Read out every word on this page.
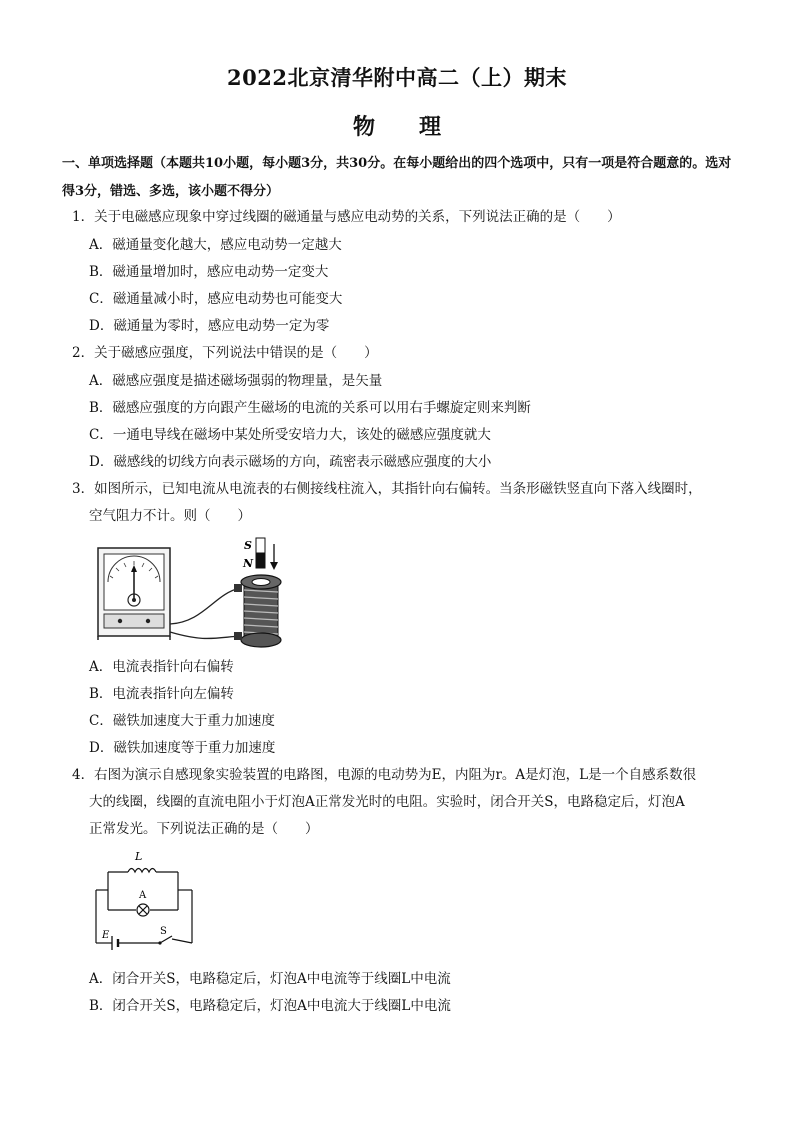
2022北京清华附中高二（上）期末
物　　理
一、单项选择题（本题共10小题，每小题3分，共30分。在每小题给出的四个选项中，只有一项是符合题意的。选对得3分，错选、多选，该小题不得分）
1．关于电磁感应现象中穿过线圈的磁通量与感应电动势的关系，下列说法正确的是（　　）
A．磁通量变化越大，感应电动势一定越大
B．磁通量增加时，感应电动势一定变大
C．磁通量减小时，感应电动势也可能变大
D．磁通量为零时，感应电动势一定为零
2．关于磁感应强度，下列说法中错误的是（　　）
A．磁感应强度是描述磁场强弱的物理量，是矢量
B．磁感应强度的方向跟产生磁场的电流的关系可以用右手螺旋定则来判断
C．一通电导线在磁场中某处所受安培力大，该处的磁感应强度就大
D．磁感线的切线方向表示磁场的方向，疏密表示磁感应强度的大小
3．如图所示，已知电流从电流表的右侧接线柱流入，其指针向右偏转。当条形磁铁竖直向下落入线圈时，
空气阻力不计。则（　　）
S
N
A．电流表指针向右偏转
B．电流表指针向左偏转
C．磁铁加速度大于重力加速度
D．磁铁加速度等于重力加速度
4．右图为演示自感现象实验装置的电路图，电源的电动势为E，内阻为r。A是灯泡，L是一个自感系数很
大的线圈，线圈的直流电阻小于灯泡A正常发光时的电阻。实验时，闭合开关S，电路稳定后，灯泡A
正常发光。下列说法正确的是（　　）
L
A
E	S
A．闭合开关S，电路稳定后，灯泡A中电流等于线圈L中电流
B．闭合开关S，电路稳定后，灯泡A中电流大于线圈L中电流
